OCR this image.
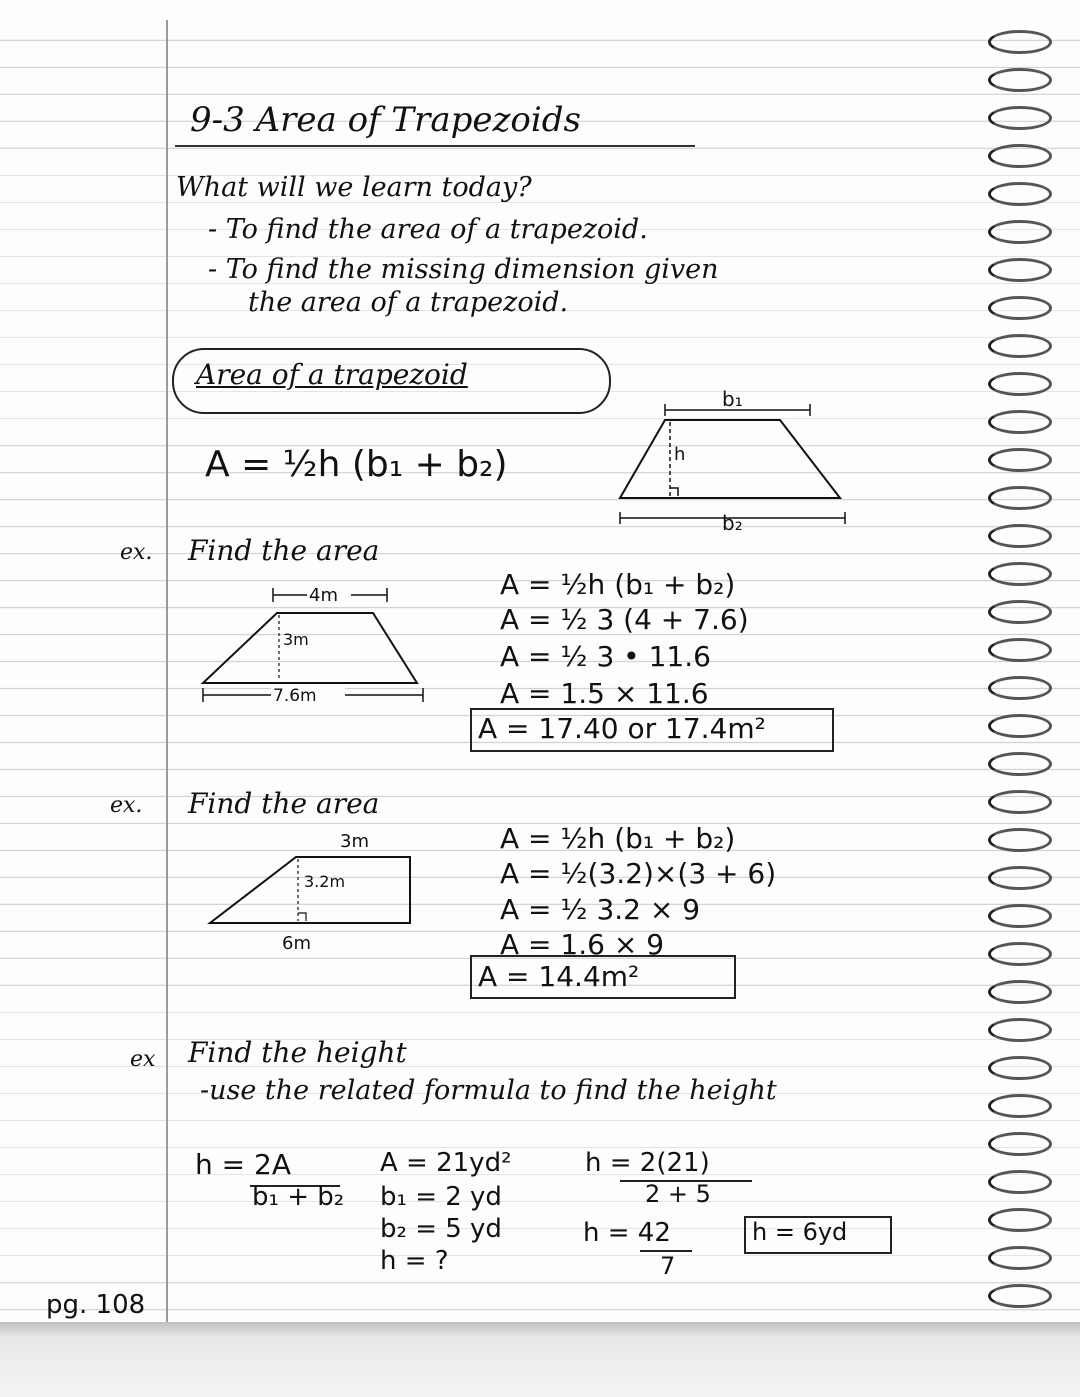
9-3 Area of Trapezoids
What will we learn today?
- To find the area of a trapezoid.
- To find the missing dimension given
the area of a trapezoid.
Area of a trapezoid
A = ½h (b₁ + b₂)
b₁
h
b₂
ex. Find the area
4m
3m
7.6m
A = ½h (b₁ + b₂)
A = ½ 3 (4 + 7.6)
A = ½ 3 • 11.6
A = 1.5 × 11.6
A = 17.40 or 17.4m²
ex. Find the area
3m
3.2m
6m
A = ½h (b₁ + b₂)
A = ½(3.2)×(3 + 6)
A = ½ 3.2 × 9
A = 1.6 × 9
A = 14.4m²
ex Find the height
-use the related formula to find the height
h = 2A
b₁ + b₂
A = 21yd²
b₁ = 2 yd
b₂ = 5 yd
h = ?
h = 2(21)
2 + 5
h = 42
7
h = 6yd
pg. 108
